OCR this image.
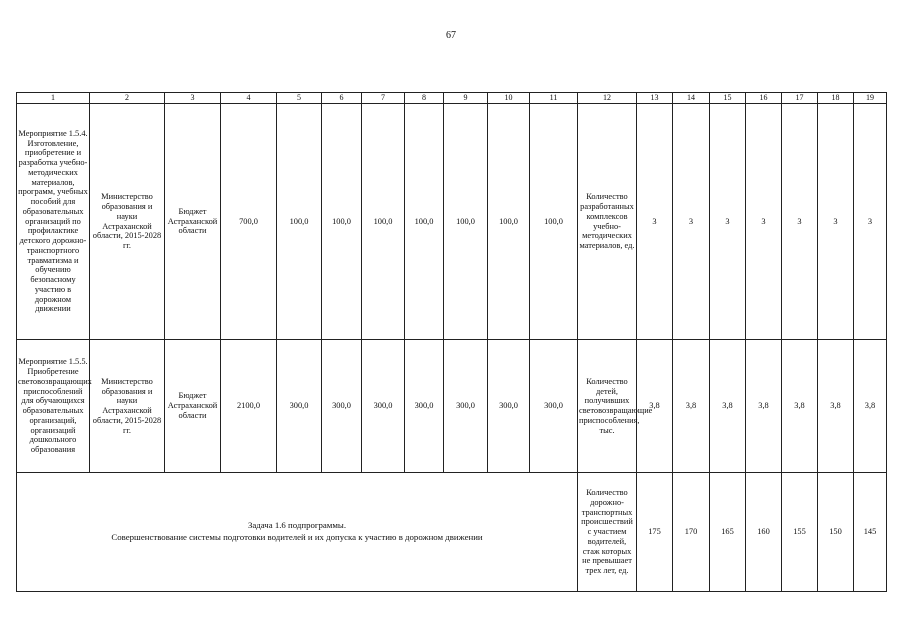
67
1	2	3	4	5	6	7	8	9	10	11	12	13	14	15	16	17	18	19
Мероприятие 1.5.4. Изготовление, приобретение и разработка учебно-методических материалов, программ, учебных пособий для образовательных организаций по профилактике детского дорожно-транспортного травматизма и обучению безопасному участию в дорожном движении	Министерство образования и науки Астраханской области, 2015-2028 гг.	Бюджет Астраханской области	700,0	100,0	100,0	100,0	100,0	100,0	100,0	100,0	Количество разработанных комплексов учебно-методических материалов, ед.	3	3	3	3	3	3	3
Мероприятие 1.5.5. Приобретение световозвращающих приспособлений для обучающихся образовательных организаций, организаций дошкольного образования	Министерство образования и науки Астраханской области, 2015-2028 гг.	Бюджет Астраханской области	2100,0	300,0	300,0	300,0	300,0	300,0	300,0	300,0	Количество детей, получивших световозвращающие приспособления, тыс.	3,8	3,8	3,8	3,8	3,8	3,8	3,8

Задача 1.6 подпрограммы.
Совершенствование системы подготовки водителей и их допуска к участию в дорожном движении											Количество дорожно-транспортных происшествий с участием водителей, стаж которых не превышает трех лет, ед.	175	170	165	160	155	150	145
